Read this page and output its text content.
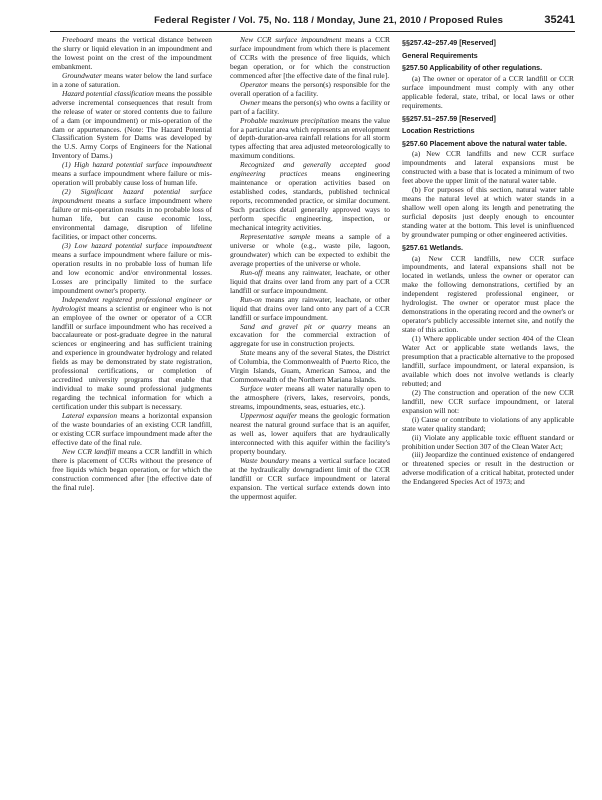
Federal Register / Vol. 75, No. 118 / Monday, June 21, 2010 / Proposed Rules	35241

Freeboard means the vertical distance between the slurry or liquid elevation in an impoundment and the lowest point on the crest of the impoundment embankment.

Groundwater means water below the land surface in a zone of saturation.

Hazard potential classification means the possible adverse incremental consequences that result from the release of water or stored contents due to failure of a dam (or impoundment) or mis-operation of the dam or appurtenances. (Note: The Hazard Potential Classification System for Dams was developed by the U.S. Army Corps of Engineers for the National Inventory of Dams.)

(1) High hazard potential surface impoundment means a surface impoundment where failure or mis-operation will probably cause loss of human life.

(2) Significant hazard potential surface impoundment means a surface impoundment where failure or mis-operation results in no probable loss of human life, but can cause economic loss, environmental damage, disruption of lifeline facilities, or impact other concerns.

(3) Low hazard potential surface impoundment means a surface impoundment where failure or mis-operation results in no probable loss of human life and low economic and/or environmental losses. Losses are principally limited to the surface impoundment owner's property.

Independent registered professional engineer or hydrologist means a scientist or engineer who is not an employee of the owner or operator of a CCR landfill or surface impoundment who has received a baccalaureate or post-graduate degree in the natural sciences or engineering and has sufficient training and experience in groundwater hydrology and related fields as may be demonstrated by state registration, professional certifications, or completion of accredited university programs that enable that individual to make sound professional judgments regarding the technical information for which a certification under this subpart is necessary.

Lateral expansion means a horizontal expansion of the waste boundaries of an existing CCR landfill, or existing CCR surface impoundment made after the effective date of the final rule.

New CCR landfill means a CCR landfill in which there is placement of CCRs without the presence of free liquids which began operation, or for which the construction commenced after [the effective date of the final rule].

New CCR surface impoundment means a CCR surface impoundment from which there is placement of CCRs with the presence of free liquids, which began operation, or for which the construction commenced after [the effective date of the final rule].

Operator means the person(s) responsible for the overall operation of a facility.

Owner means the person(s) who owns a facility or part of a facility.

Probable maximum precipitation means the value for a particular area which represents an envelopment of depth-duration-area rainfall relations for all storm types affecting that area adjusted meteorologically to maximum conditions.

Recognized and generally accepted good engineering practices means engineering maintenance or operation activities based on established codes, standards, published technical reports, recommended practice, or similar document. Such practices detail generally approved ways to perform specific engineering, inspection, or mechanical integrity activities.

Representative sample means a sample of a universe or whole (e.g., waste pile, lagoon, groundwater) which can be expected to exhibit the average properties of the universe or whole.

Run-off means any rainwater, leachate, or other liquid that drains over land from any part of a CCR landfill or surface impoundment.

Run-on means any rainwater, leachate, or other liquid that drains over land onto any part of a CCR landfill or surface impoundment.

Sand and gravel pit or quarry means an excavation for the commercial extraction of aggregate for use in construction projects.

State means any of the several States, the District of Columbia, the Commonwealth of Puerto Rico, the Virgin Islands, Guam, American Samoa, and the Commonwealth of the Northern Mariana Islands.

Surface water means all water naturally open to the atmosphere (rivers, lakes, reservoirs, ponds, streams, impoundments, seas, estuaries, etc.).

Uppermost aquifer means the geologic formation nearest the natural ground surface that is an aquifer, as well as, lower aquifers that are hydraulically interconnected with this aquifer within the facility's property boundary.

Waste boundary means a vertical surface located at the hydraulically downgradient limit of the CCR landfill or CCR surface impoundment or lateral expansion. The vertical surface extends down into the uppermost aquifer.

§§257.42–257.49 [Reserved]
General Requirements
§257.50 Applicability of other regulations.

(a) The owner or operator of a CCR landfill or CCR surface impoundment must comply with any other applicable federal, state, tribal, or local laws or other requirements.

§§257.51–257.59 [Reserved]
Location Restrictions
§257.60 Placement above the natural water table.

(a) New CCR landfills and new CCR surface impoundments and lateral expansions must be constructed with a base that is located a minimum of two feet above the upper limit of the natural water table.

(b) For purposes of this section, natural water table means the natural level at which water stands in a shallow well open along its length and penetrating the surficial deposits just deeply enough to encounter standing water at the bottom. This level is uninfluenced by groundwater pumping or other engineered activities.

§257.61 Wetlands.

(a) New CCR landfills, new CCR surface impoundments, and lateral expansions shall not be located in wetlands, unless the owner or operator can make the following demonstrations, certified by an independent registered professional engineer, or hydrologist. The owner or operator must place the demonstrations in the operating record and the owner's or operator's publicly accessible internet site, and notify the state of this action.

(1) Where applicable under section 404 of the Clean Water Act or applicable state wetlands laws, the presumption that a practicable alternative to the proposed landfill, surface impoundment, or lateral expansion, is available which does not involve wetlands is clearly rebutted; and

(2) The construction and operation of the new CCR landfill, new CCR surface impoundment, or lateral expansion will not:

(i) Cause or contribute to violations of any applicable state water quality standard;

(ii) Violate any applicable toxic effluent standard or prohibition under Section 307 of the Clean Water Act;

(iii) Jeopardize the continued existence of endangered or threatened species or result in the destruction or adverse modification of a critical habitat, protected under the Endangered Species Act of 1973; and
